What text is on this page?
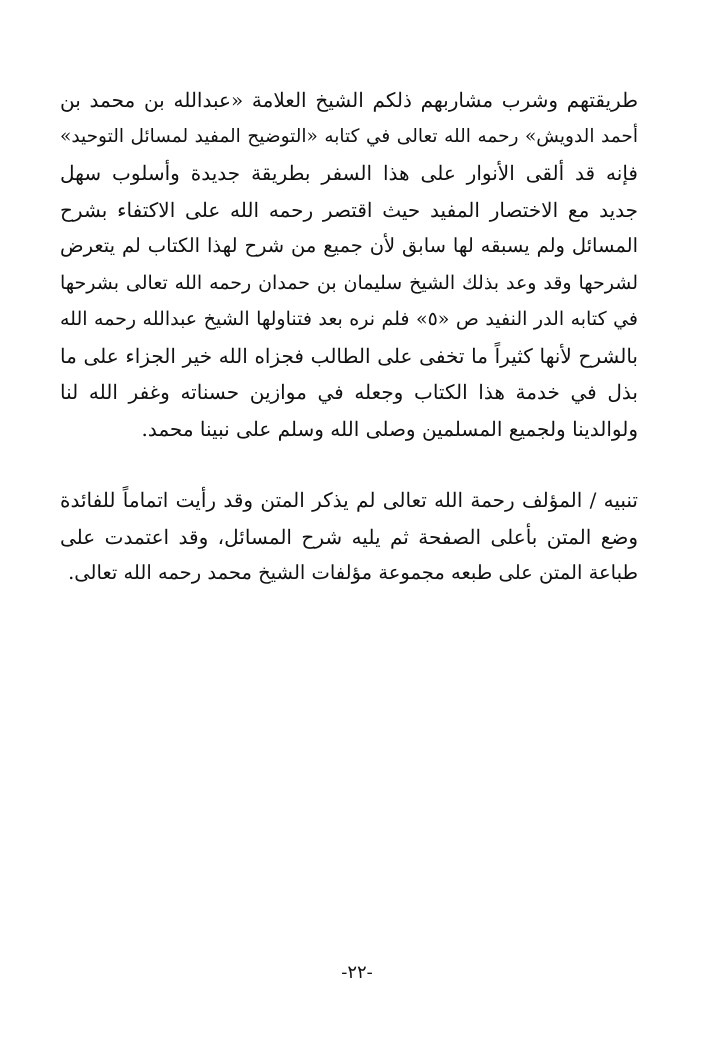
طريقتهم وشرب مشاربهم ذلكم الشيخ العلامة «عبدالله بن محمد بن
أحمد الدويش» رحمه الله تعالى في كتابه «التوضيح المفيد لمسائل التوحيد»
فإنه قد ألقى الأنوار على هذا السفر بطريقة جديدة وأسلوب سهل
جديد مع الاختصار المفيد حيث اقتصر رحمه الله على الاكتفاء بشرح
المسائل ولم يسبقه لها سابق لأن جميع من شرح لهذا الكتاب لم يتعرض
لشرحها وقد وعد بذلك الشيخ سليمان بن حمدان رحمه الله تعالى بشرحها
في كتابه الدر النفيد ص «٥» فلم نره بعد فتناولها الشيخ عبدالله رحمه الله
بالشرح لأنها كثيراً ما تخفى على الطالب فجزاه الله خير الجزاء على ما
بذل في خدمة هذا الكتاب وجعله في موازين حسناته وغفر الله لنا
ولوالدينا ولجميع المسلمين وصلى الله وسلم على نبينا محمد.
تنبيه / المؤلف رحمة الله تعالى لم يذكر المتن وقد رأيت اتماماً للفائدة
وضع المتن بأعلى الصفحة ثم يليه شرح المسائل، وقد اعتمدت على
طباعة المتن على طبعه مجموعة مؤلفات الشيخ محمد رحمه الله تعالى.
-٢٢-
